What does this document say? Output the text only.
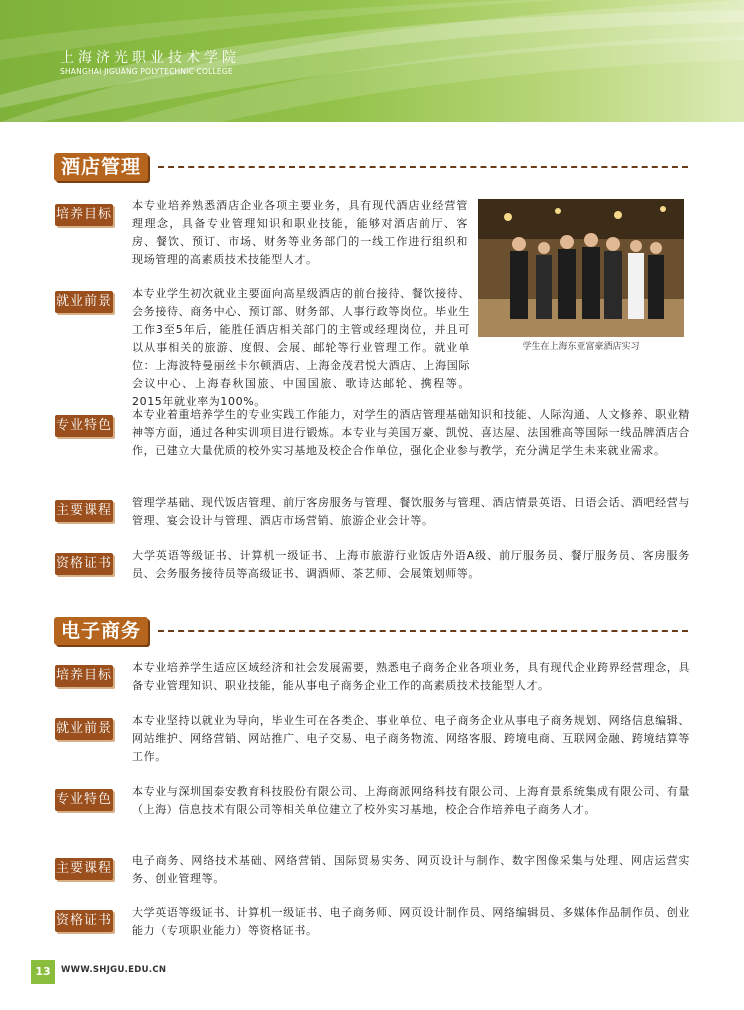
上海济光职业技术学院
SHANGHAI JIGUANG POLYTECHNIC COLLEGE
酒店管理
培养目标

本专业培养熟悉酒店企业各项主要业务，具有现代酒店业经营管理理念，具备专业管理知识和职业技能，能够对酒店前厅、客房、餐饮、预订、市场、财务等业务部门的一线工作进行组织和现场管理的高素质技术技能型人才。

学生在上海东亚富豪酒店实习
就业前景

本专业学生初次就业主要面向高星级酒店的前台接待、餐饮接待、会务接待、商务中心、预订部、财务部、人事行政等岗位。毕业生工作3至5年后，能胜任酒店相关部门的主管或经理岗位，并且可以从事相关的旅游、度假、会展、邮轮等行业管理工作。就业单位：上海波特曼丽丝卡尔顿酒店、上海金茂君悦大酒店、上海国际会议中心、上海春秋国旅、中国国旅、歌诗达邮轮、携程等。2015年就业率为100%。

专业特色

本专业着重培养学生的专业实践工作能力，对学生的酒店管理基础知识和技能、人际沟通、人文修养、职业精神等方面，通过各种实训项目进行锻炼。本专业与美国万豪、凯悦、喜达屋、法国雅高等国际一线品牌酒店合作，已建立大量优质的校外实习基地及校企合作单位，强化企业参与教学，充分满足学生未来就业需求。

主要课程

管理学基础、现代饭店管理、前厅客房服务与管理、餐饮服务与管理、酒店情景英语、日语会话、酒吧经营与管理、宴会设计与管理、酒店市场营销、旅游企业会计等。

资格证书

大学英语等级证书、计算机一级证书、上海市旅游行业饭店外语A级、前厅服务员、餐厅服务员、客房服务员、会务服务接待员等高级证书、调酒师、茶艺师、会展策划师等。

电子商务
培养目标

本专业培养学生适应区域经济和社会发展需要，熟悉电子商务企业各项业务，具有现代企业跨界经营理念，具备专业管理知识、职业技能，能从事电子商务企业工作的高素质技术技能型人才。

就业前景

本专业坚持以就业为导向，毕业生可在各类企、事业单位、电子商务企业从事电子商务规划、网络信息编辑、网站维护、网络营销、网站推广、电子交易、电子商务物流、网络客服、跨境电商、互联网金融、跨境结算等工作。

专业特色

本专业与深圳国泰安教育科技股份有限公司、上海商派网络科技有限公司、上海育景系统集成有限公司、有量（上海）信息技术有限公司等相关单位建立了校外实习基地，校企合作培养电子商务人才。

主要课程

电子商务、网络技术基础、网络营销、国际贸易实务、网页设计与制作、数字图像采集与处理、网店运营实务、创业管理等。

资格证书

大学英语等级证书、计算机一级证书、电子商务师、网页设计制作员、网络编辑员、多媒体作品制作员、创业能力（专项职业能力）等资格证书。

13	WWW.SHJGU.EDU.CN
